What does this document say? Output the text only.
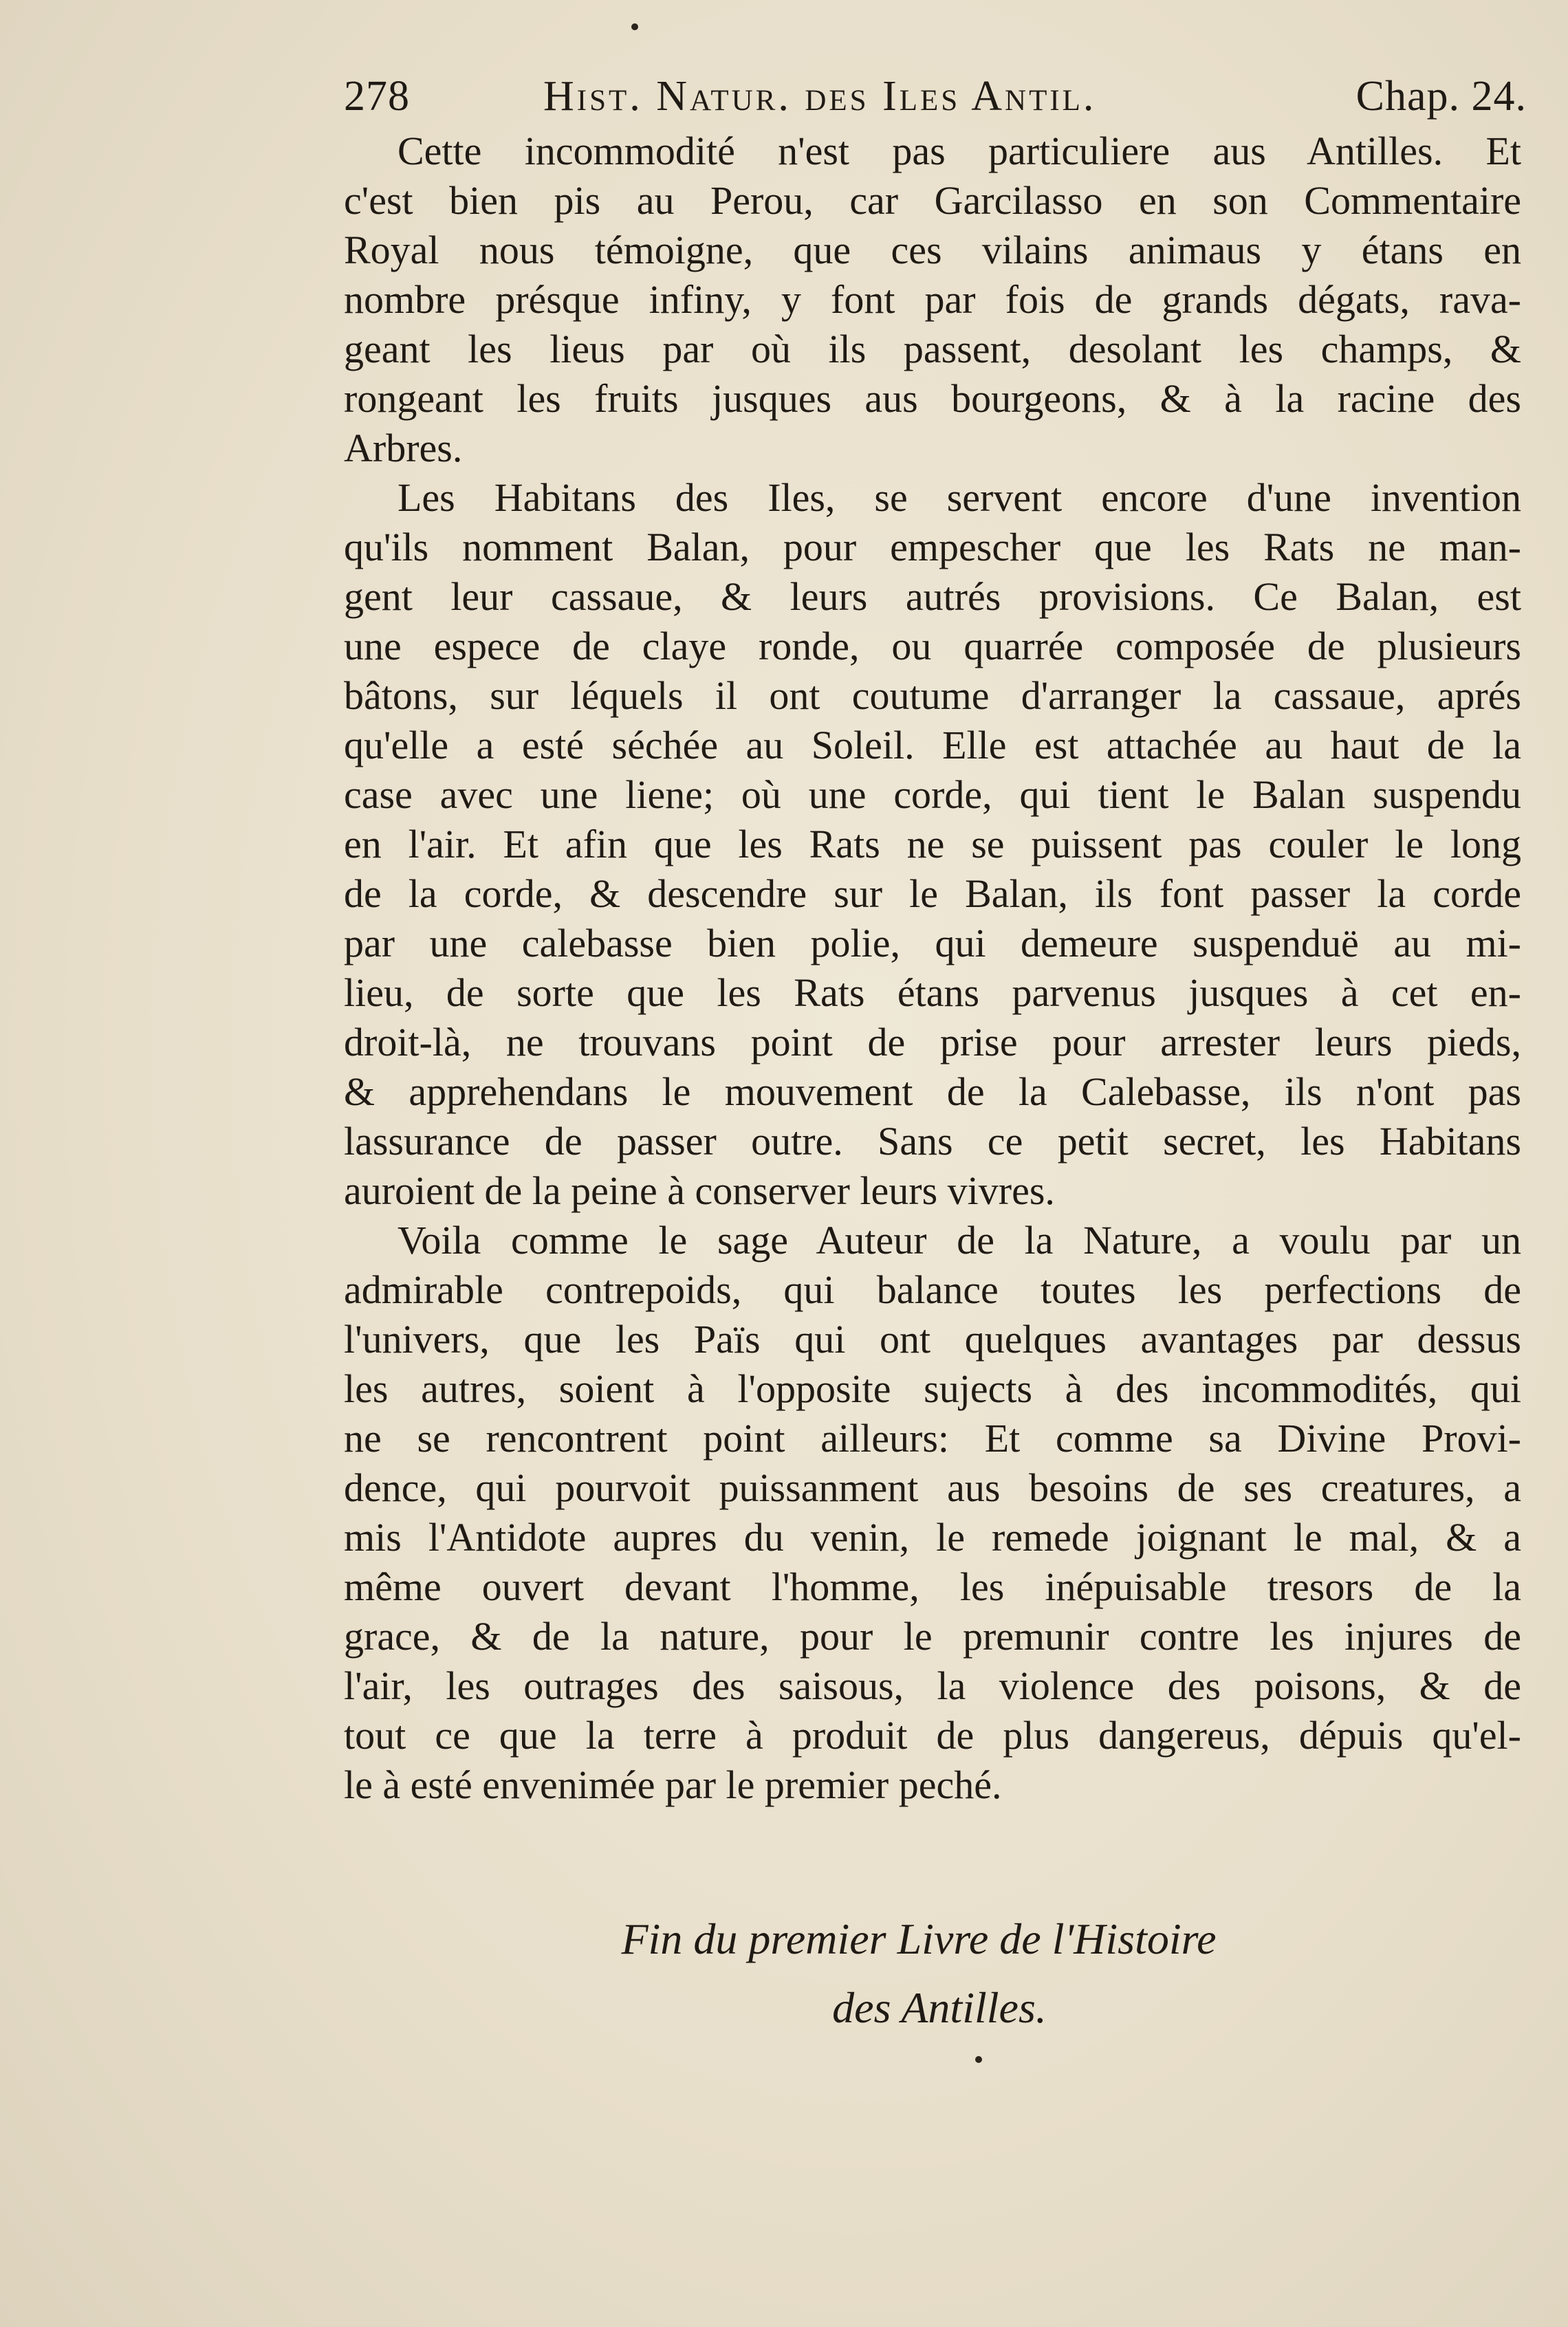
278	Hist. Natur. des Iles Antil.	Chap. 24.
Cette incommodité n'est pas particuliere aus Antilles. Et
c'est bien pis au Perou, car Garcilasso en son Commentaire
Royal nous témoigne, que ces vilains animaus y étans en
nombre présque infiny, y font par fois de grands dégats, rava-
geant les lieus par où ils passent, desolant les champs, &
rongeant les fruits jusques aus bourgeons, & à la racine des
Arbres.
Les Habitans des Iles, se servent encore d'une invention
qu'ils nomment Balan, pour empescher que les Rats ne man-
gent leur cassaue, & leurs autrés provisions. Ce Balan, est
une espece de claye ronde, ou quarrée composée de plusieurs
bâtons, sur léquels il ont coutume d'arranger la cassaue, aprés
qu'elle a esté séchée au Soleil. Elle est attachée au haut de la
case avec une liene; où une corde, qui tient le Balan suspendu
en l'air. Et afin que les Rats ne se puissent pas couler le long
de la corde, & descendre sur le Balan, ils font passer la corde
par une calebasse bien polie, qui demeure suspenduë au mi-
lieu, de sorte que les Rats étans parvenus jusques à cet en-
droit-là, ne trouvans point de prise pour arrester leurs pieds,
& apprehendans le mouvement de la Calebasse, ils n'ont pas
lassurance de passer outre. Sans ce petit secret, les Habitans
auroient de la peine à conserver leurs vivres.
Voila comme le sage Auteur de la Nature, a voulu par un
admirable contrepoids, qui balance toutes les perfections de
l'univers, que les Païs qui ont quelques avantages par dessus
les autres, soient à l'opposite sujects à des incommodités, qui
ne se rencontrent point ailleurs: Et comme sa Divine Provi-
dence, qui pourvoit puissanment aus besoins de ses creatures, a
mis l'Antidote aupres du venin, le remede joignant le mal, & a
même ouvert devant l'homme, les inépuisable tresors de la
grace, & de la nature, pour le premunir contre les injures de
l'air, les outrages des saisous, la violence des poisons, & de
tout ce que la terre à produit de plus dangereus, dépuis qu'el-
le à esté envenimée par le premier peché.
Fin du premier Livre de l'Histoire
des Antilles.
